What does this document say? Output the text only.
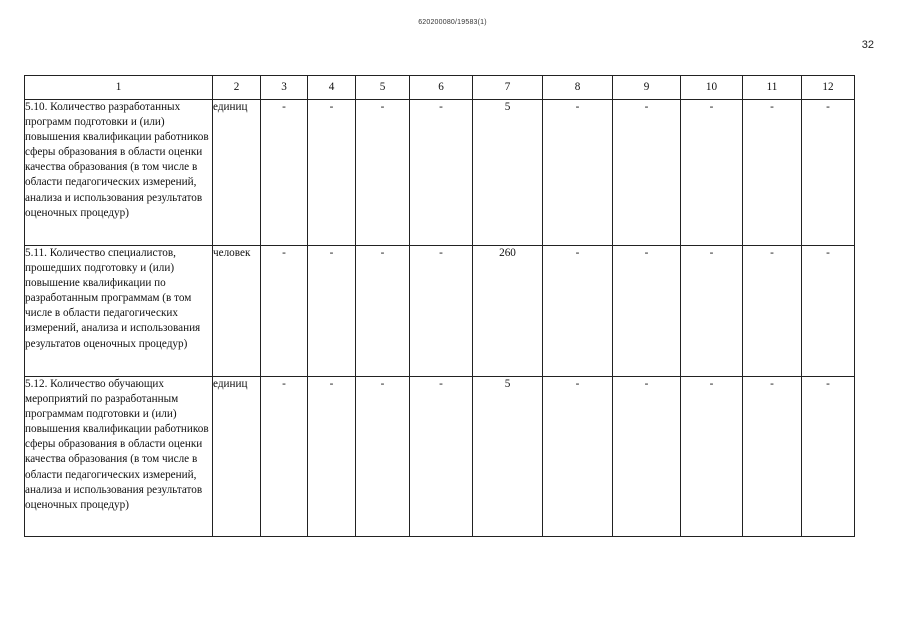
620200080/19583(1)
32
1	2	3	4	5	6	7	8	9	10	11	12
5.10. Количество разработанных программ подготовки и (или) повышения квалификации работников сферы образования в области оценки качества образования (в том числе в области педагогических измерений, анализа и использования результатов оценочных процедур)	единиц	-	-	-	-	5	-	-	-	-	-
5.11. Количество специалистов, прошедших подготовку и (или) повышение квалификации по разработанным программам (в том числе в области педагогических измерений, анализа и использования результатов оценочных процедур)	человек	-	-	-	-	260	-	-	-	-	-
5.12. Количество обучающих мероприятий по разработанным программам подготовки и (или) повышения квалификации работников сферы образования в области оценки качества образования (в том числе в области педагогических измерений, анализа и использования результатов оценочных процедур)	единиц	-	-	-	-	5	-	-	-	-	-
